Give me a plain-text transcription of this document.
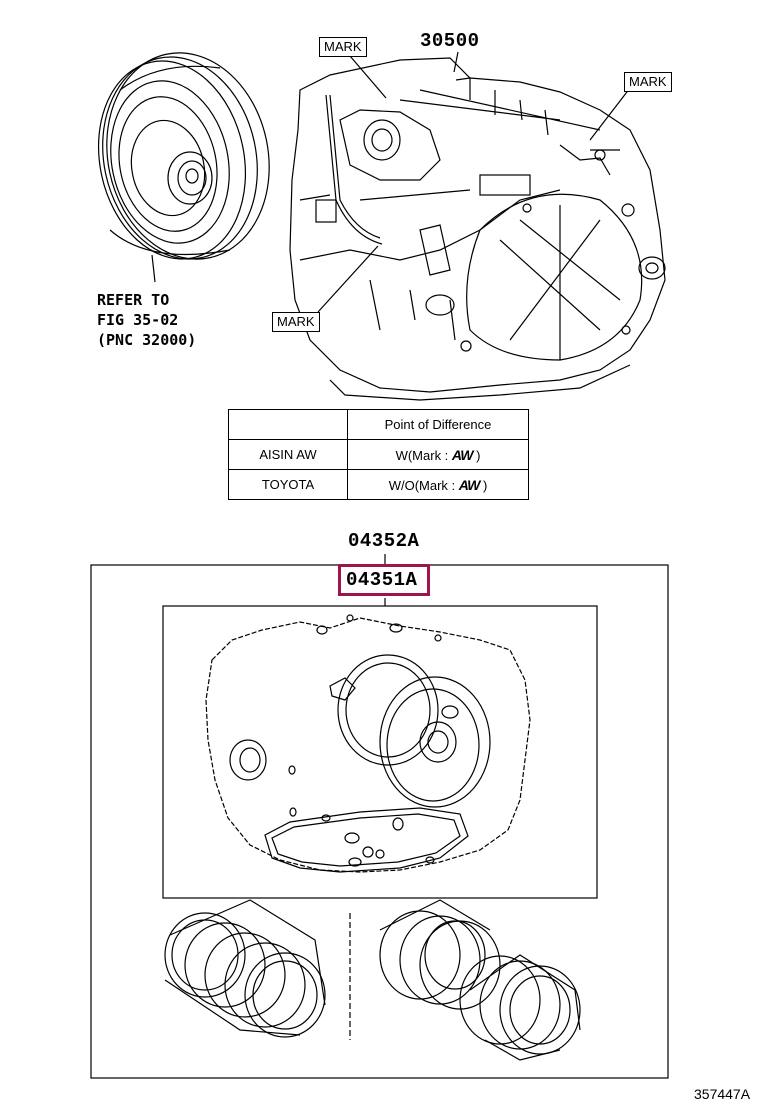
30500
MARK
MARK
MARK
REFER TO
FIG 35-02
(PNC 32000)
	Point of Difference
AISIN AW	W(Mark : AW )
TOYOTA	W/O(Mark : AW )
04352A
04351A
357447A
